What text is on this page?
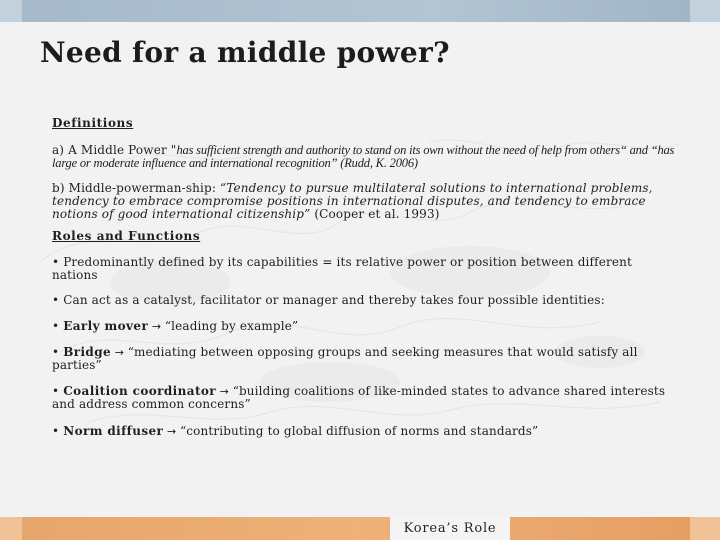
Need for a middle power?

Definitions

a) A Middle Power "has sufficient strength and authority to stand on its own without the need of help from others“ and “has large or moderate influence and international recognition” (Rudd, K. 2006)

b) Middle-powerman-ship: “Tendency to pursue multilateral solutions to international problems, tendency to embrace compromise positions in international disputes, and tendency to embrace notions of good international citizenship” (Cooper et al. 1993)

Roles and Functions

• Predominantly defined by its capabilities = its relative power or position between different nations

• Can act as a catalyst, facilitator or manager and thereby takes four possible identities:

• Early mover → “leading by example”

• Bridge → “mediating between opposing groups and seeking measures that would satisfy all parties”

• Coalition coordinator → “building coalitions of like-minded states to advance shared interests and address common concerns”

• Norm diffuser → “contributing to global diffusion of norms and standards”

Korea’s Role
